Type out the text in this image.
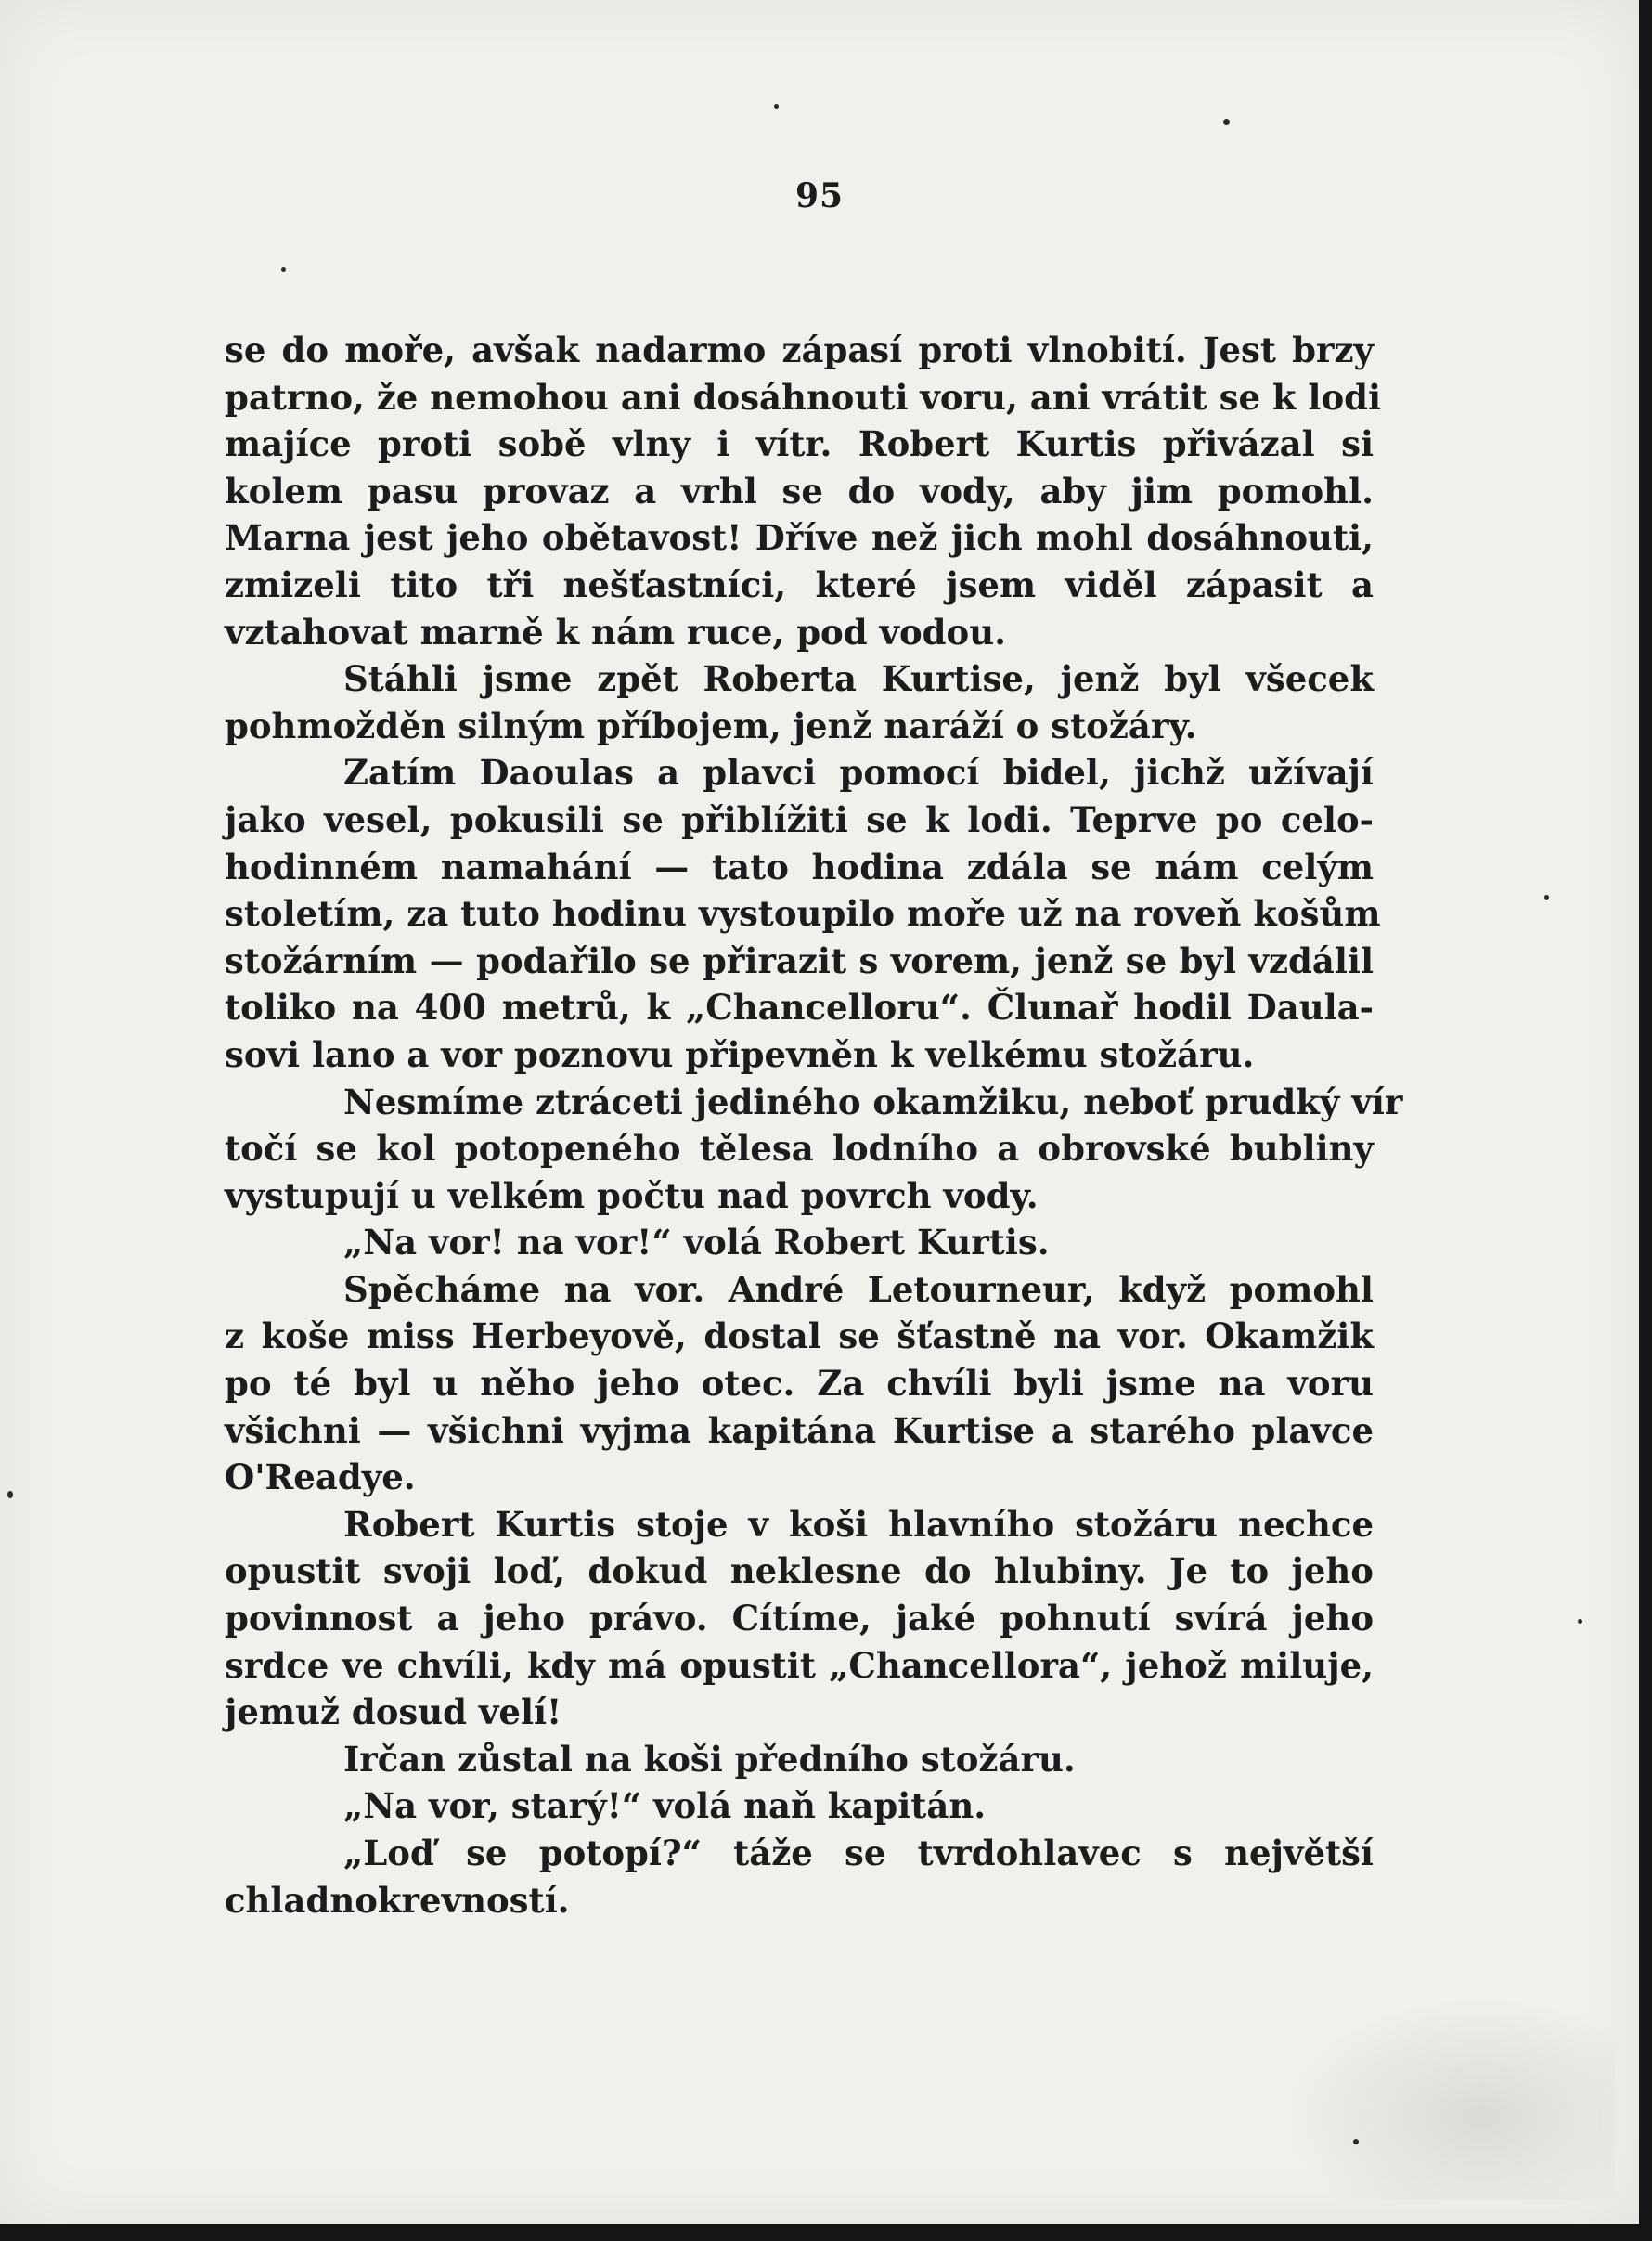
95
se do moře, avšak nadarmo zápasí proti vlnobití. Jest brzy
patrno, že nemohou ani dosáhnouti voru, ani vrátit se k lodi
majíce proti sobě vlny i vítr. Robert Kurtis přivázal si
kolem pasu provaz a vrhl se do vody, aby jim pomohl.
Marna jest jeho obětavost! Dříve než jich mohl dosáhnouti,
zmizeli tito tři nešťastníci, které jsem viděl zápasit a
vztahovat marně k nám ruce, pod vodou.
Stáhli jsme zpět Roberta Kurtise, jenž byl všecek
pohmožděn silným příbojem, jenž naráží o stožáry.
Zatím Daoulas a plavci pomocí bidel, jichž užívají
jako vesel, pokusili se přiblížiti se k lodi. Teprve po celo-
hodinném namahání — tato hodina zdála se nám celým
stoletím, za tuto hodinu vystoupilo moře už na roveň košům
stožárním — podařilo se přirazit s vorem, jenž se byl vzdálil
toliko na 400 metrů, k „Chancelloru“. Člunař hodil Daula-
sovi lano a vor poznovu připevněn k velkému stožáru.
Nesmíme ztráceti jediného okamžiku, neboť prudký vír
točí se kol potopeného tělesa lodního a obrovské bubliny
vystupují u velkém počtu nad povrch vody.
„Na vor! na vor!“ volá Robert Kurtis.
Spěcháme na vor. André Letourneur, když pomohl
z koše miss Herbeyově, dostal se šťastně na vor. Okamžik
po té byl u něho jeho otec. Za chvíli byli jsme na voru
všichni — všichni vyjma kapitána Kurtise a starého plavce
O'Readye.
Robert Kurtis stoje v koši hlavního stožáru nechce
opustit svoji loď, dokud neklesne do hlubiny. Je to jeho
povinnost a jeho právo. Cítíme, jaké pohnutí svírá jeho
srdce ve chvíli, kdy má opustit „Chancellora“, jehož miluje,
jemuž dosud velí!
Irčan zůstal na koši předního stožáru.
„Na vor, starý!“ volá naň kapitán.
„Loď se potopí?“ táže se tvrdohlavec s největší
chladnokrevností.
